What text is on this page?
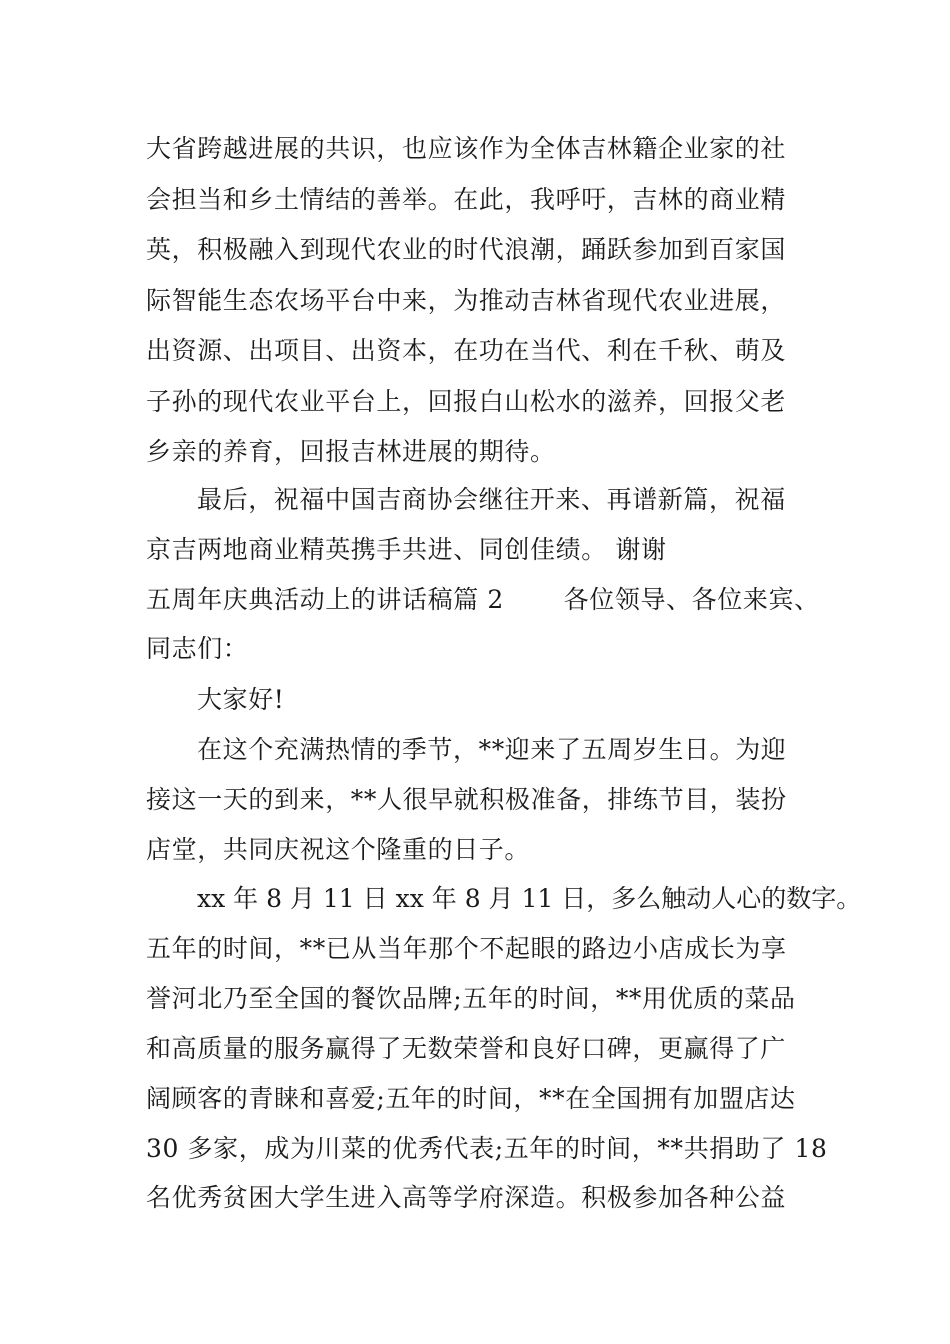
大省跨越进展的共识，也应该作为全体吉林籍企业家的社

会担当和乡土情结的善举。在此，我呼吁，吉林的商业精

英，积极融入到现代农业的时代浪潮，踊跃参加到百家国

际智能生态农场平台中来，为推动吉林省现代农业进展，

出资源、出项目、出资本，在功在当代、利在千秋、萌及

子孙的现代农业平台上，回报白山松水的滋养，回报父老

乡亲的养育，回报吉林进展的期待。

最后，祝福中国吉商协会继往开来、再谱新篇，祝福

京吉两地商业精英携手共进、同创佳绩。 谢谢

五周年庆典活动上的讲话稿篇 2       各位领导、各位来宾、

同志们：

大家好!

在这个充满热情的季节，**迎来了五周岁生日。为迎

接这一天的到来，**人很早就积极准备，排练节目，装扮

店堂，共同庆祝这个隆重的日子。

xx 年 8 月 11 日 xx 年 8 月 11 日，多么触动人心的数字。

五年的时间，**已从当年那个不起眼的路边小店成长为享

誉河北乃至全国的餐饮品牌;五年的时间，**用优质的菜品

和高质量的服务赢得了无数荣誉和良好口碑，更赢得了广

阔顾客的青睐和喜爱;五年的时间，**在全国拥有加盟店达

30 多家，成为川菜的优秀代表;五年的时间，**共捐助了 18

名优秀贫困大学生进入高等学府深造。积极参加各种公益
